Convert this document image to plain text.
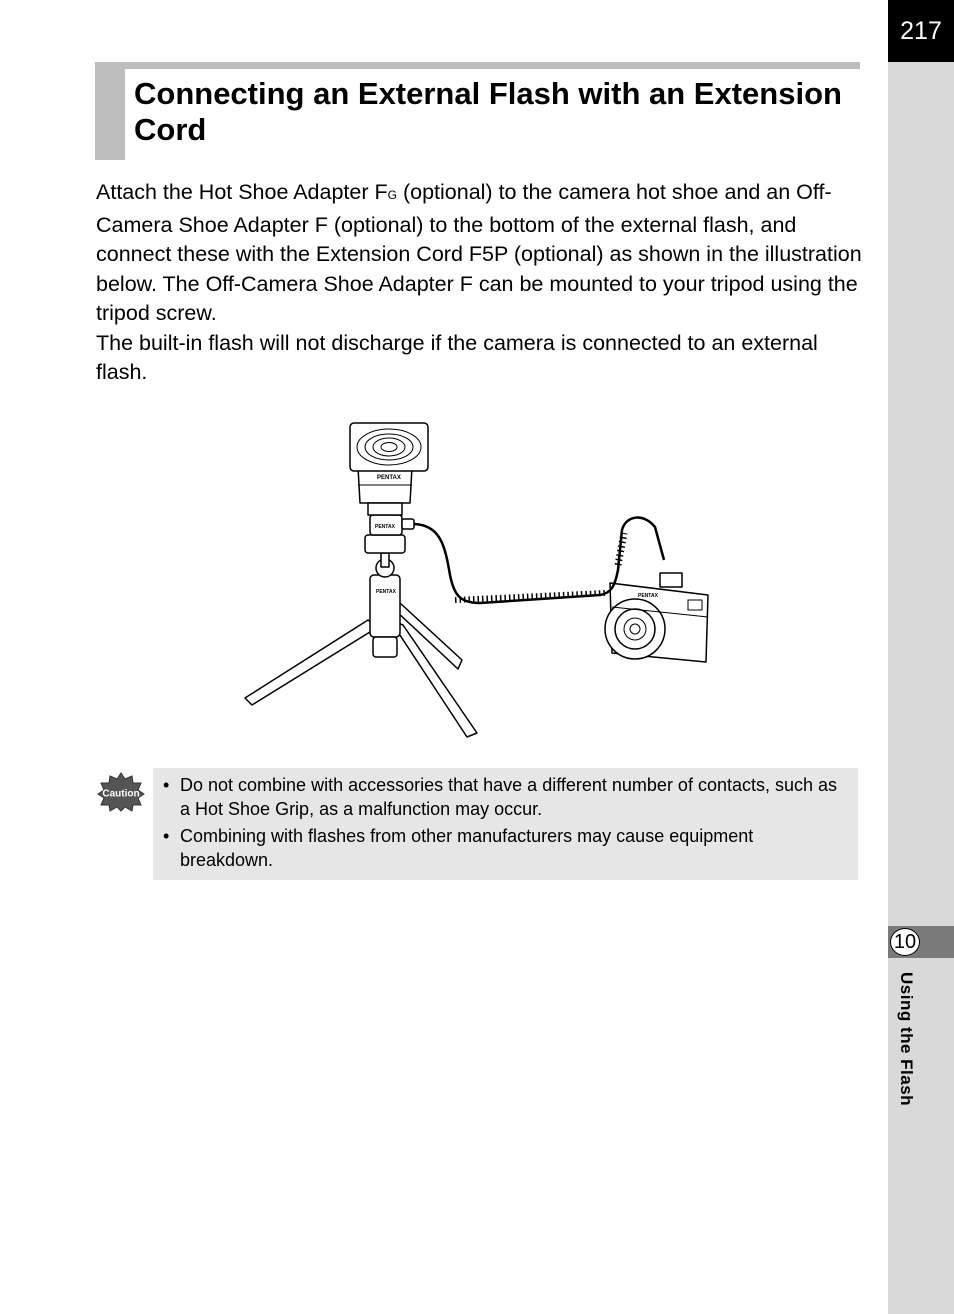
217
10
Using the Flash
Connecting an External Flash with an Extension Cord

Attach the Hot Shoe Adapter FG (optional) to the camera hot shoe and an Off-Camera Shoe Adapter F (optional) to the bottom of the external flash, and connect these with the Extension Cord F5P (optional) as shown in the illustration below. The Off-Camera Shoe Adapter F can be mounted to your tripod using the tripod screw.

The built-in flash will not discharge if the camera is connected to an external flash.

PENTAX
PENTAX
PENTAX
PENTAX
Caution • Do not combine with accessories that have a different number of contacts, such as a Hot Shoe Grip, as a malfunction may occur.
• Combining with flashes from other manufacturers may cause equipment breakdown.
